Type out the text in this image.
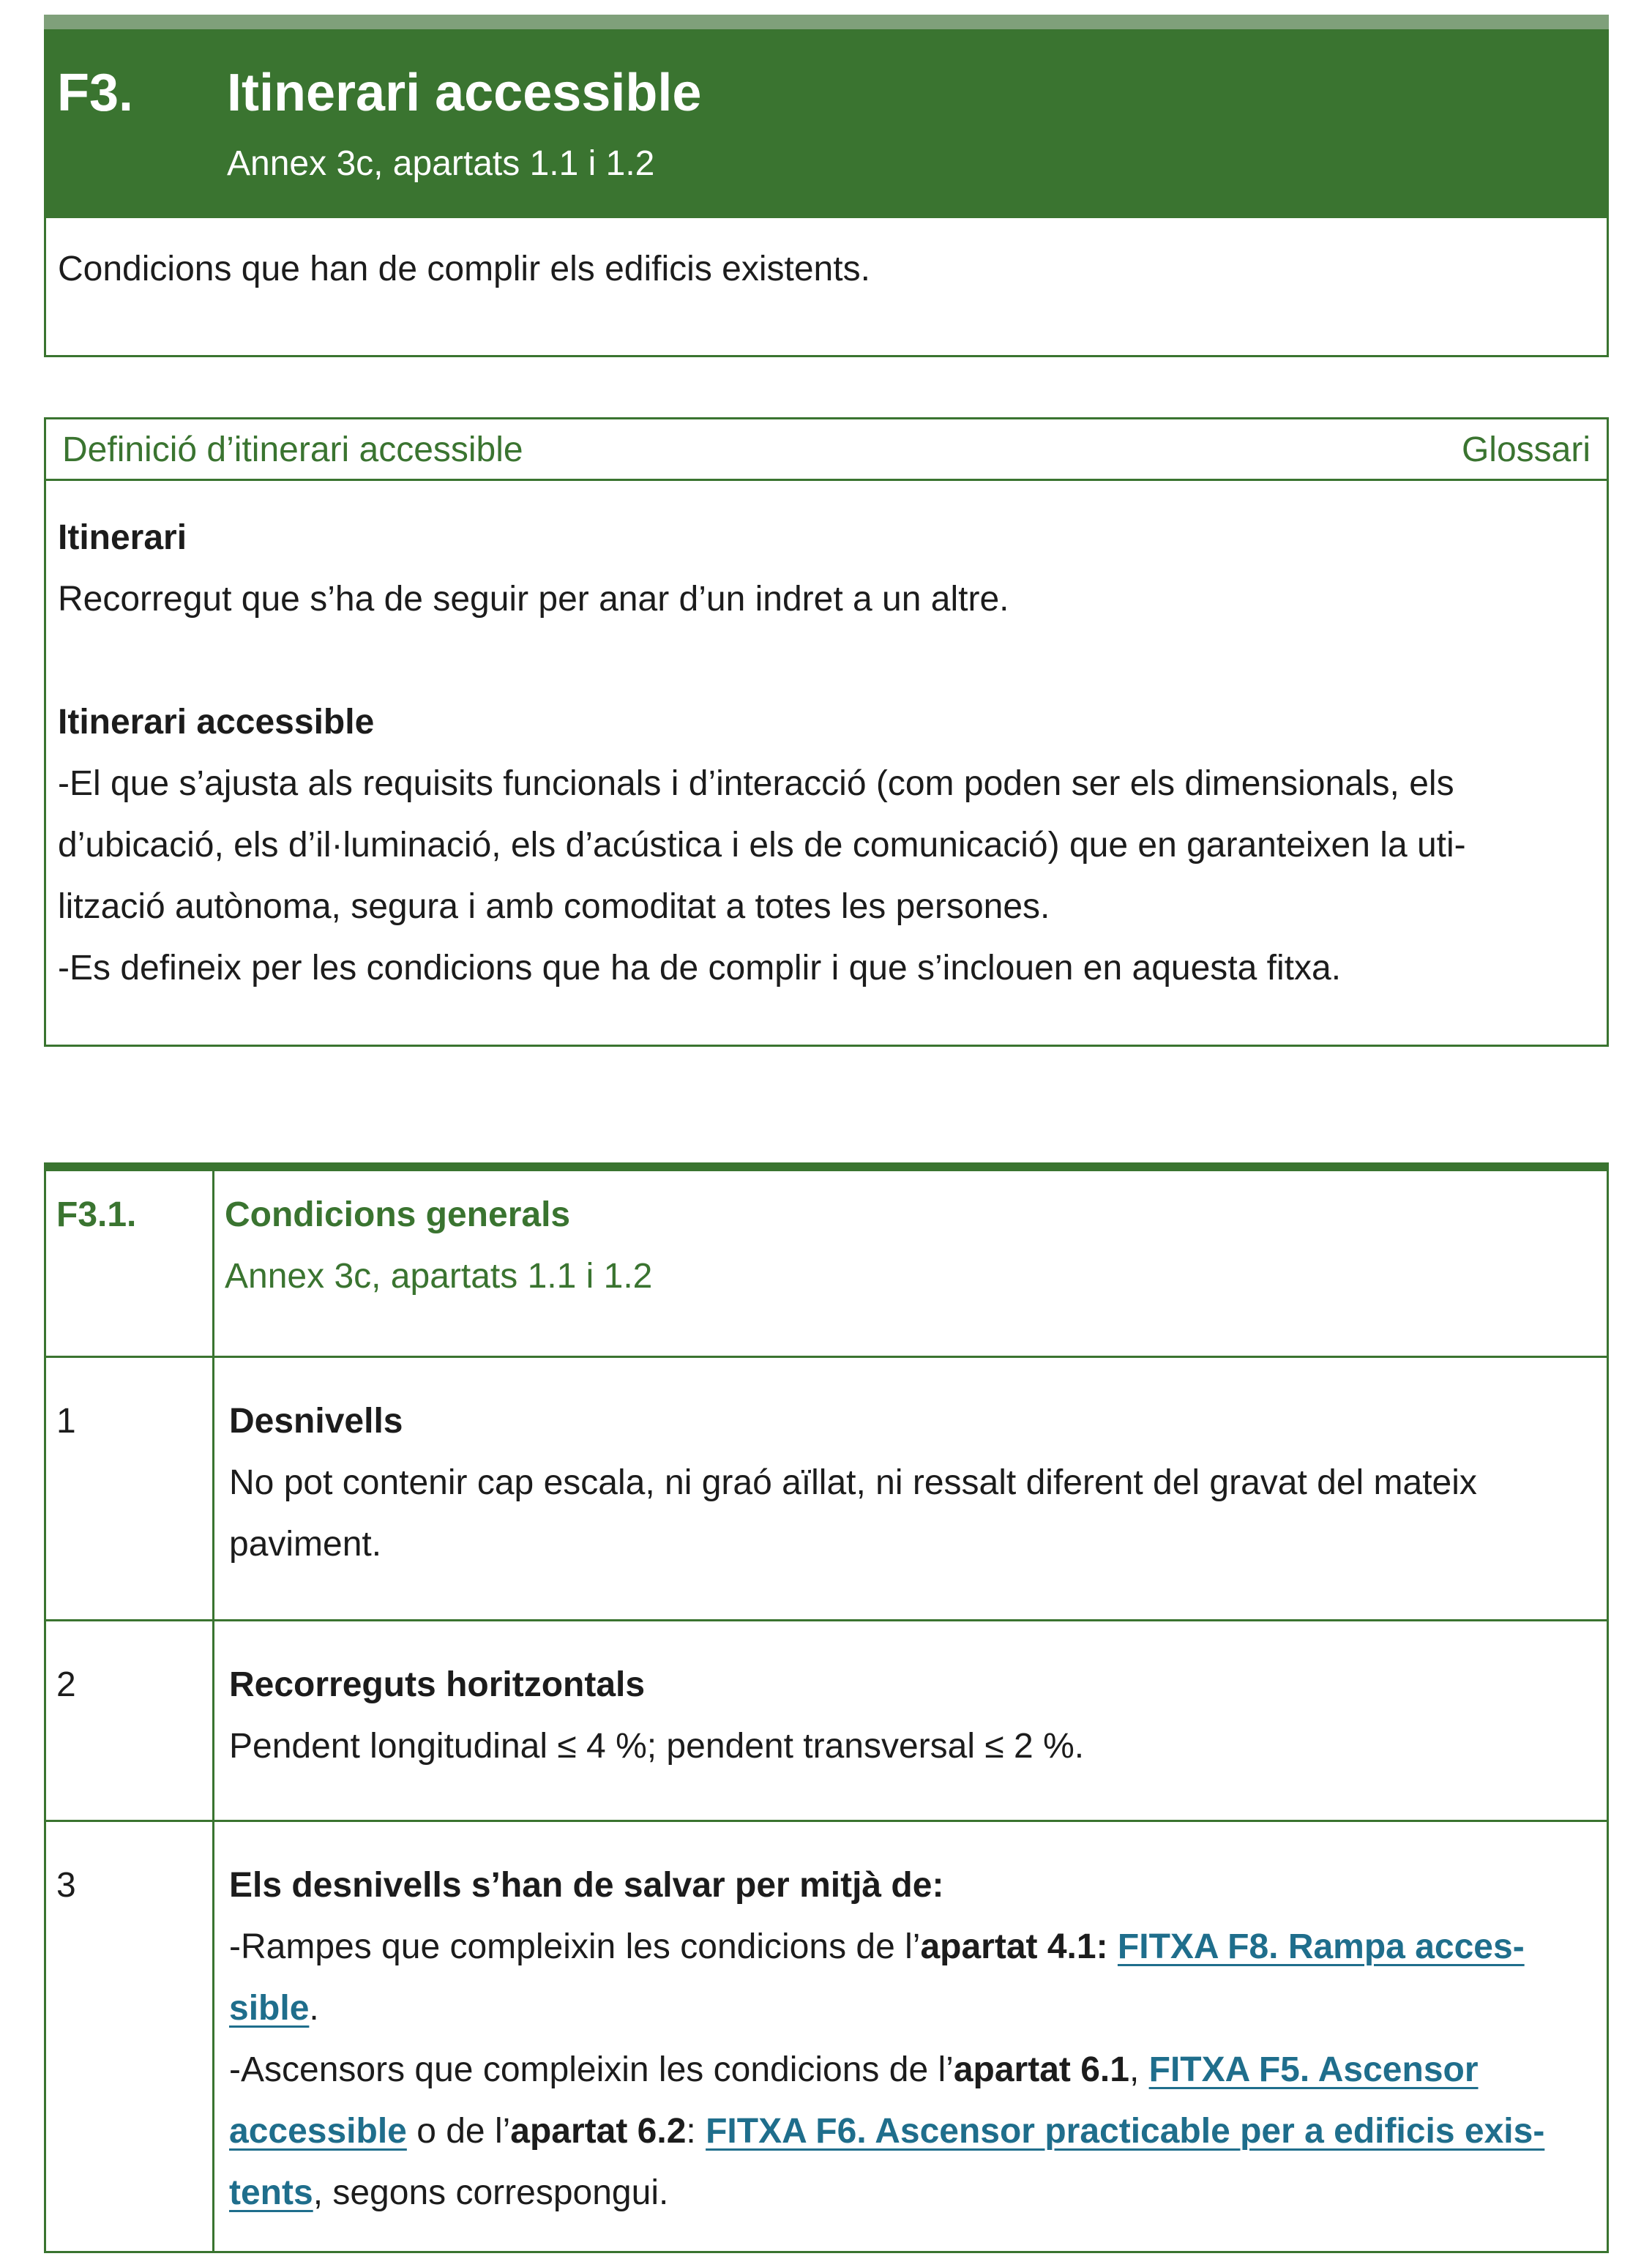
F3. Itinerari accessible
Annex 3c, apartats 1.1 i 1.2
Condicions que han de complir els edificis existents.
Definició d’itinerari accessible	Glossari

Itinerari

Recorregut que s’ha de seguir per anar d’un indret a un altre.

Itinerari accessible

-El que s’ajusta als requisits funcionals i d’interacció (com poden ser els dimensionals, els

d’ubicació, els d’il·luminació, els d’acústica i els de comunicació) que en garanteixen la uti-

lització autònoma, segura i amb comoditat a totes les persones.

-Es defineix per les condicions que ha de complir i que s’inclouen en aquesta fitxa.

F3.1.	Condicions generals
Annex 3c, apartats 1.1 i 1.2
1	Desnivells
No pot contenir cap escala, ni graó aïllat, ni ressalt diferent del gravat del mateix
paviment.
2	Recorreguts horitzontals
Pendent longitudinal ≤ 4 %; pendent transversal ≤ 2 %.
3	Els desnivells s’han de salvar per mitjà de:
-Rampes que compleixin les condicions de l’apartat 4.1: FITXA F8. Rampa acces-
sible.
-Ascensors que compleixin les condicions de l’apartat 6.1, FITXA F5. Ascensor
accessible o de l’apartat 6.2: FITXA F6. Ascensor practicable per a edificis exis-
tents, segons correspongui.
